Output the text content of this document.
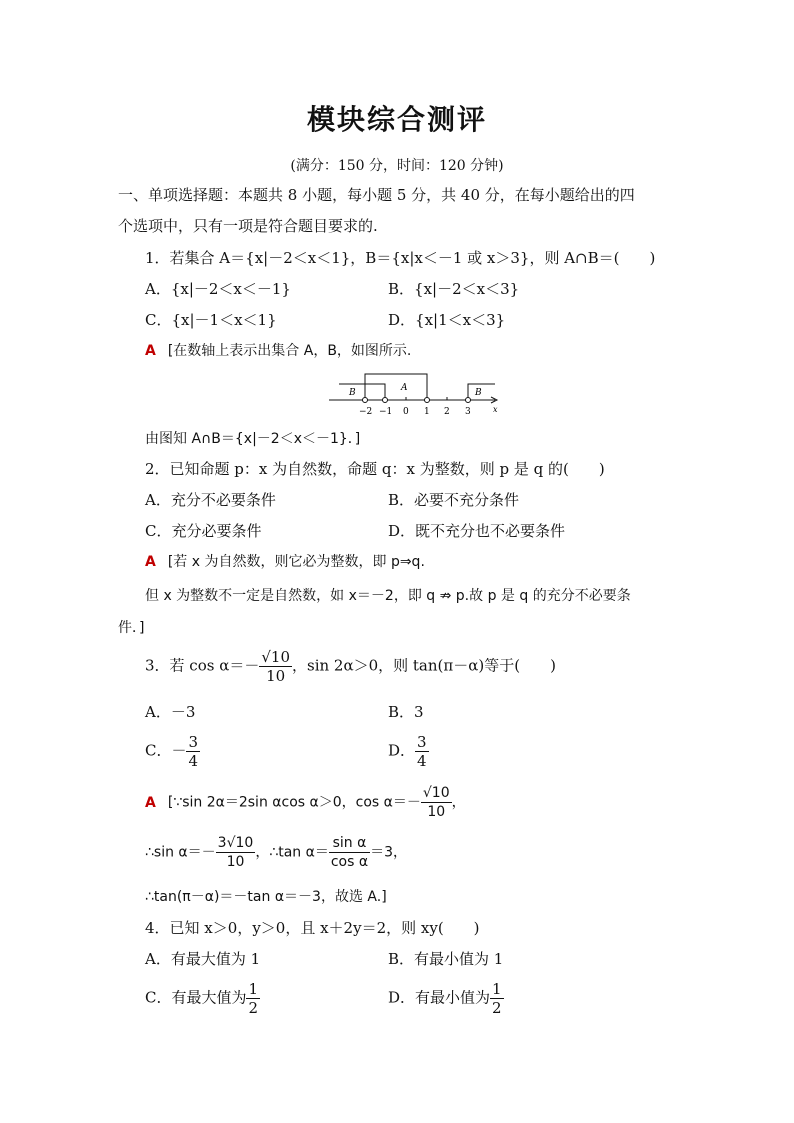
模块综合测评
(满分：150 分，时间：120 分钟)
一、单项选择题：本题共 8 小题，每小题 5 分，共 40 分，在每小题给出的四
个选项中，只有一项是符合题目要求的.
1．若集合 A＝{x|－2＜x＜1}，B＝{x|x＜－1 或 x＞3}，则 A∩B＝(　　)
A．{x|－2＜x＜－1}	B．{x|－2＜x＜3}
C．{x|－1＜x＜1}	D．{x|1＜x＜3}
A [在数轴上表示出集合 A，B，如图所示.
B	A	B
x
−2 −1 0 1 2 3
由图知 A∩B＝{x|－2＜x＜－1}．]
2．已知命题 p：x 为自然数，命题 q：x 为整数，则 p 是 q 的(　　)
A．充分不必要条件	B．必要不充分条件
C．充分必要条件	D．既不充分也不必要条件
A [若 x 为自然数，则它必为整数，即 p⇒q.
但 x 为整数不一定是自然数，如 x＝－2，即 q ⇏ p.故 p 是 q 的充分不必要条
件．]
3．若 $\cos \alpha=- \frac{√10}{10}$ ，sin 2α＞0，则 tan(π－α)等于(　　)
A．－3	B．3
C．－ $\frac{3}{4}$	D． $\frac{3}{4}$
A [∵sin 2α＝2sin αcos α＞0，$\cos \alpha=- \frac{√10}{10}$ ，
∴sin $\alpha=- \frac{3√10}{10}$ ，∴tan $\alpha= \frac{\text{sin α}}{\text{cos α}} =3$，
∴tan(π－α)＝－tan α＝－3，故选 A.]
4．已知 x＞0，y＞0，且 x＋2y＝2，则 xy(　　)
A．有最大值为 1	B．有最小值为 1
C．有最大值为 $\frac{1}{2}$	D．有最小值为 $\frac{1}{2}$
